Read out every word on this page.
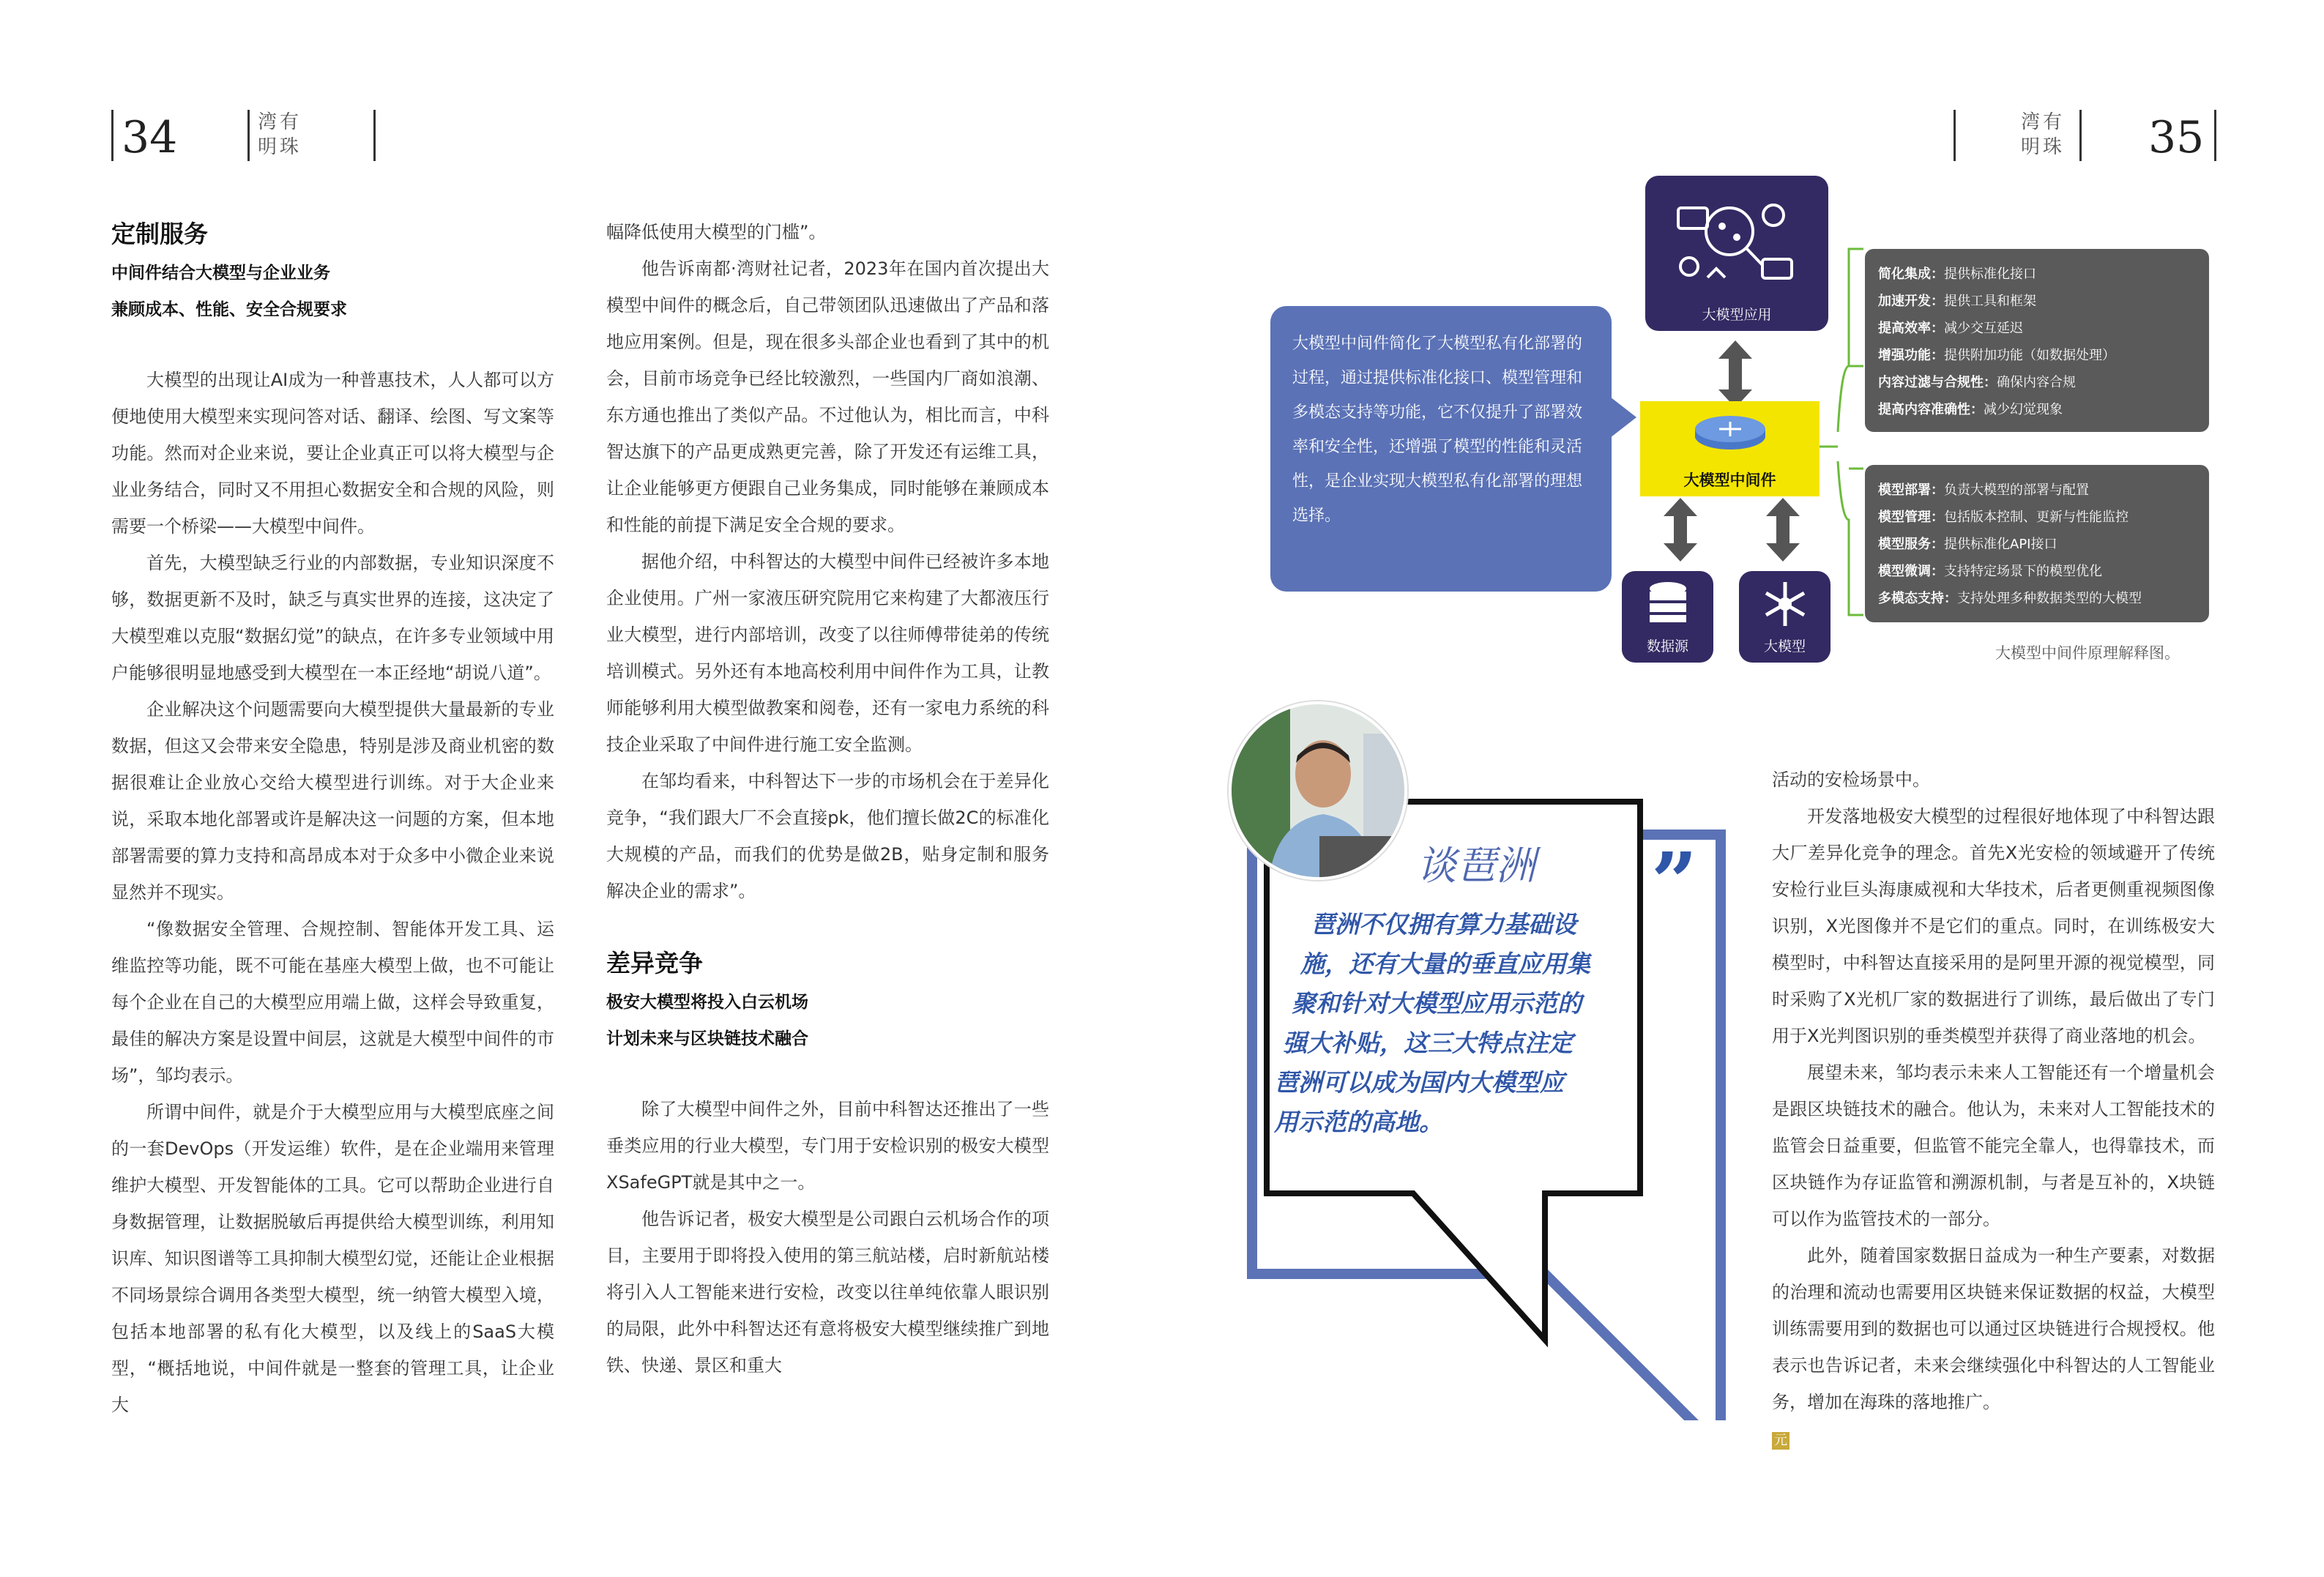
34	湾有
明珠
湾有
明珠 35
定制服务
中间件结合大模型与企业业务
兼顾成本、性能、安全合规要求

大模型的出现让AI成为一种普惠技术，人人都可以方便地使用大模型来实现问答对话、翻译、绘图、写文案等功能。然而对企业来说，要让企业真正可以将大模型与企业业务结合，同时又不用担心数据安全和合规的风险，则需要一个桥梁——大模型中间件。

首先，大模型缺乏行业的内部数据，专业知识深度不够，数据更新不及时，缺乏与真实世界的连接，这决定了大模型难以克服“数据幻觉”的缺点，在许多专业领域中用户能够很明显地感受到大模型在一本正经地“胡说八道”。

企业解决这个问题需要向大模型提供大量最新的专业数据，但这又会带来安全隐患，特别是涉及商业机密的数据很难让企业放心交给大模型进行训练。对于大企业来说，采取本地化部署或许是解决这一问题的方案，但本地部署需要的算力支持和高昂成本对于众多中小微企业来说显然并不现实。

“像数据安全管理、合规控制、智能体开发工具、运维监控等功能，既不可能在基座大模型上做，也不可能让每个企业在自己的大模型应用端上做，这样会导致重复，最佳的解决方案是设置中间层，这就是大模型中间件的市场”，邹均表示。

所谓中间件，就是介于大模型应用与大模型底座之间的一套DevOps（开发运维）软件，是在企业端用来管理维护大模型、开发智能体的工具。它可以帮助企业进行自身数据管理，让数据脱敏后再提供给大模型训练，利用知识库、知识图谱等工具抑制大模型幻觉，还能让企业根据不同场景综合调用各类型大模型，统一纳管大模型入境，包括本地部署的私有化大模型，以及线上的SaaS大模型，“概括地说，中间件就是一整套的管理工具，让企业大

幅降低使用大模型的门槛”。

他告诉南都·湾财社记者，2023年在国内首次提出大模型中间件的概念后，自己带领团队迅速做出了产品和落地应用案例。但是，现在很多头部企业也看到了其中的机会，目前市场竞争已经比较激烈，一些国内厂商如浪潮、东方通也推出了类似产品。不过他认为，相比而言，中科智达旗下的产品更成熟更完善，除了开发还有运维工具，让企业能够更方便跟自己业务集成，同时能够在兼顾成本和性能的前提下满足安全合规的要求。

据他介绍，中科智达的大模型中间件已经被许多本地企业使用。广州一家液压研究院用它来构建了大都液压行业大模型，进行内部培训，改变了以往师傅带徒弟的传统培训模式。另外还有本地高校利用中间件作为工具，让教师能够利用大模型做教案和阅卷，还有一家电力系统的科技企业采取了中间件进行施工安全监测。

在邹均看来，中科智达下一步的市场机会在于差异化竞争，“我们跟大厂不会直接pk，他们擅长做2C的标准化大规模的产品，而我们的优势是做2B，贴身定制和服务解决企业的需求”。

差异竞争
极安大模型将投入白云机场
计划未来与区块链技术融合

除了大模型中间件之外，目前中科智达还推出了一些垂类应用的行业大模型，专门用于安检识别的极安大模型XSafeGPT就是其中之一。

他告诉记者，极安大模型是公司跟白云机场合作的项目，主要用于即将投入使用的第三航站楼，启时新航站楼将引入人工智能来进行安检，改变以往单纯依靠人眼识别的局限，此外中科智达还有意将极安大模型继续推广到地铁、快递、景区和重大

活动的安检场景中。

开发落地极安大模型的过程很好地体现了中科智达跟大厂差异化竞争的理念。首先X光安检的领域避开了传统安检行业巨头海康威视和大华技术，后者更侧重视频图像识别，X光图像并不是它们的重点。同时，在训练极安大模型时，中科智达直接采用的是阿里开源的视觉模型，同时采购了X光机厂家的数据进行了训练，最后做出了专门用于X光判图识别的垂类模型并获得了商业落地的机会。

展望未来，邹均表示未来人工智能还有一个增量机会是跟区块链技术的融合。他认为，未来对人工智能技术的监管会日益重要，但监管不能完全靠人，也得靠技术，而区块链作为存证监管和溯源机制，与者是互补的，X块链可以作为监管技术的一部分。

此外，随着国家数据日益成为一种生产要素，对数据的治理和流动也需要用区块链来保证数据的权益，大模型训练需要用到的数据也可以通过区块链进行合规授权。他表示也告诉记者，未来会继续强化中科智达的人工智能业务，增加在海珠的落地推广。

元
大模型应用
大模型中间件
数据源	大模型
大模型中间件简化了大模型私有化部署的过程，通过提供标准化接口、模型管理和多模态支持等功能，它不仅提升了部署效率和安全性，还增强了模型的性能和灵活性，是企业实现大模型私有化部署的理想选择。
简化集成：提供标准化接口
加速开发：提供工具和框架
提高效率：减少交互延迟
增强功能：提供附加功能（如数据处理）
内容过滤与合规性：确保内容合规
提高内容准确性：减少幻觉现象
模型部署：负责大模型的部署与配置
模型管理：包括版本控制、更新与性能监控
模型服务：提供标准化API接口
模型微调：支持特定场景下的模型优化
多模态支持：支持处理多种数据类型的大模型
大模型中间件原理解释图。
谈琶洲 ”
琶洲不仅拥有算力基础设
施，还有大量的垂直应用集
聚和针对大模型应用示范的
强大补贴，这三大特点注定
琶洲可以成为国内大模型应
用示范的高地。
